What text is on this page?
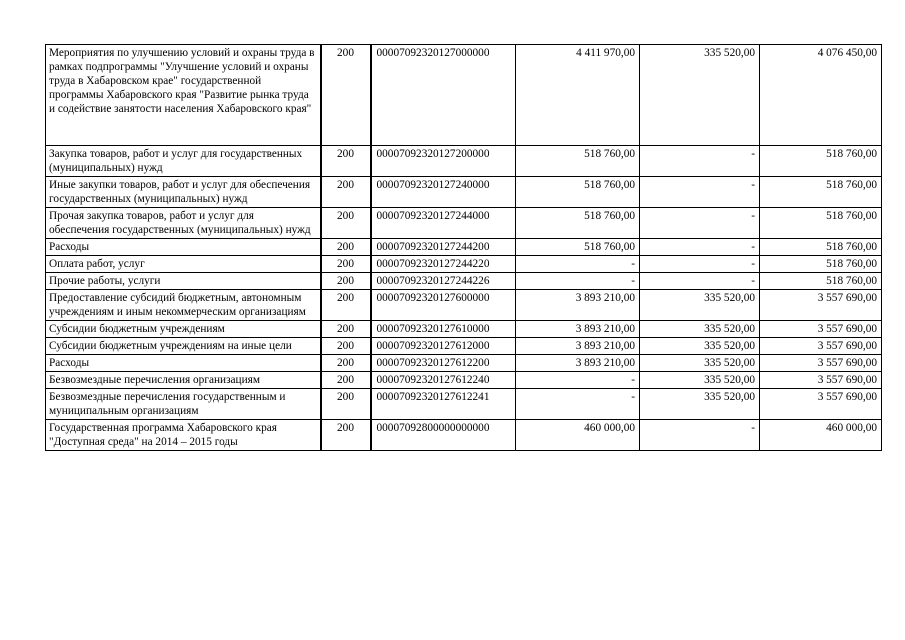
Мероприятия по улучшению условий и охраны труда в рамках подпрограммы "Улучшение условий и охраны труда в Хабаровском крае" государственной программы Хабаровского края "Развитие рынка труда и содействие занятости населения Хабаровского края"	200	00007092320127000000	4 411 970,00	335 520,00	4 076 450,00
Закупка товаров, работ и услуг для государственных (муниципальных) нужд	200	00007092320127200000	518 760,00	-	518 760,00
Иные закупки товаров, работ и услуг для обеспечения государственных (муниципальных) нужд	200	00007092320127240000	518 760,00	-	518 760,00
Прочая закупка товаров, работ и услуг для обеспечения государственных (муниципальных) нужд	200	00007092320127244000	518 760,00	-	518 760,00
Расходы	200	00007092320127244200	518 760,00	-	518 760,00
Оплата работ, услуг	200	00007092320127244220	-	-	518 760,00
Прочие работы, услуги	200	00007092320127244226	-	-	518 760,00
Предоставление субсидий бюджетным, автономным учреждениям и иным некоммерческим организациям	200	00007092320127600000	3 893 210,00	335 520,00	3 557 690,00
Субсидии бюджетным учреждениям	200	00007092320127610000	3 893 210,00	335 520,00	3 557 690,00
Субсидии бюджетным учреждениям на иные цели	200	00007092320127612000	3 893 210,00	335 520,00	3 557 690,00
Расходы	200	00007092320127612200	3 893 210,00	335 520,00	3 557 690,00
Безвозмездные перечисления организациям	200	00007092320127612240	-	335 520,00	3 557 690,00
Безвозмездные перечисления государственным и муниципальным организациям	200	00007092320127612241	-	335 520,00	3 557 690,00
Государственная программа Хабаровского края "Доступная среда" на 2014 – 2015 годы	200	00007092800000000000	460 000,00	-	460 000,00
